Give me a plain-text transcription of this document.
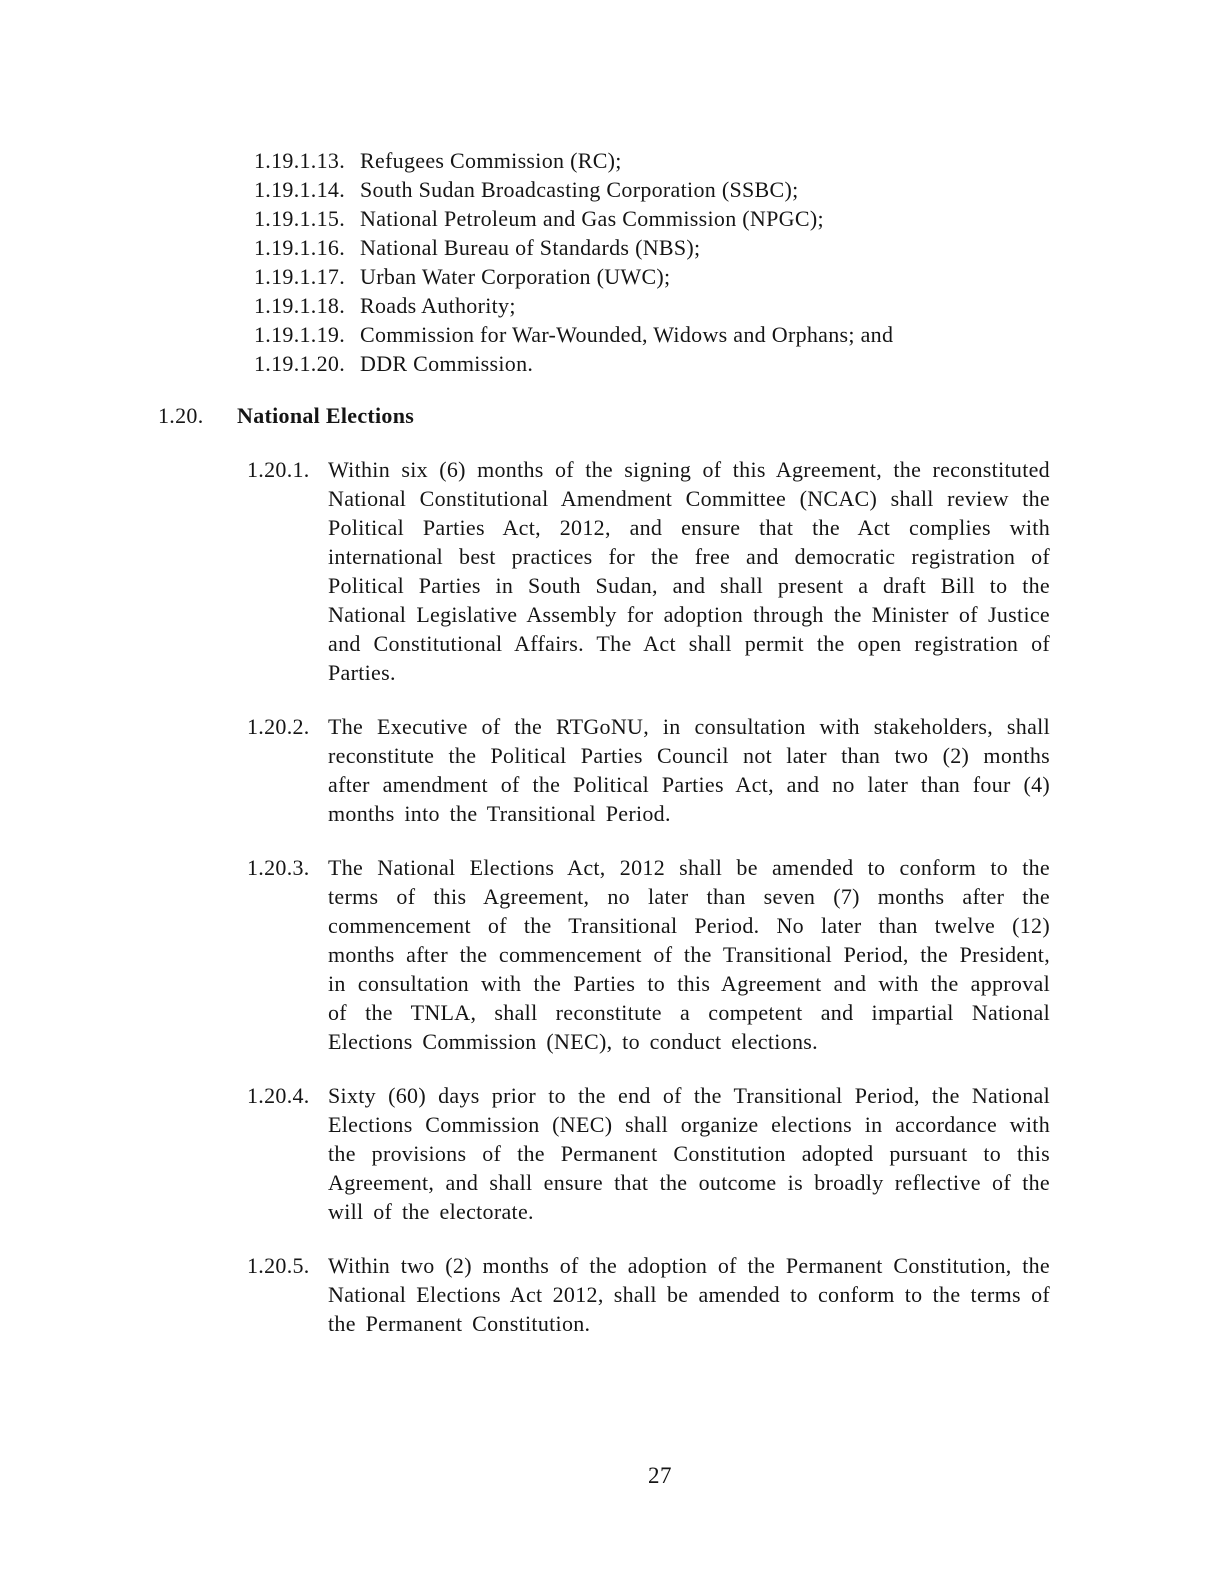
1.19.1.13. Refugees Commission (RC);
1.19.1.14. South Sudan Broadcasting Corporation (SSBC);
1.19.1.15. National Petroleum and Gas Commission (NPGC);
1.19.1.16. National Bureau of Standards (NBS);
1.19.1.17. Urban Water Corporation (UWC);
1.19.1.18. Roads Authority;
1.19.1.19. Commission for War-Wounded, Widows and Orphans; and
1.19.1.20. DDR Commission.
1.20.	National Elections
1.20.1. Within six (6) months of the signing of this Agreement, the reconstituted National Constitutional Amendment Committee (NCAC) shall review the Political Parties Act, 2012, and ensure that the Act complies with international best practices for the free and democratic registration of Political Parties in South Sudan, and shall present a draft Bill to the National Legislative Assembly for adoption through the Minister of Justice and Constitutional Affairs. The Act shall permit the open registration of Parties.
1.20.2. The Executive of the RTGoNU, in consultation with stakeholders, shall reconstitute the Political Parties Council not later than two (2) months after amendment of the Political Parties Act, and no later than four (4) months into the Transitional Period.
1.20.3. The National Elections Act, 2012 shall be amended to conform to the terms of this Agreement, no later than seven (7) months after the commencement of the Transitional Period. No later than twelve (12) months after the commencement of the Transitional Period, the President, in consultation with the Parties to this Agreement and with the approval of the TNLA, shall reconstitute a competent and impartial National Elections Commission (NEC), to conduct elections.
1.20.4. Sixty (60) days prior to the end of the Transitional Period, the National Elections Commission (NEC) shall organize elections in accordance with the provisions of the Permanent Constitution adopted pursuant to this Agreement, and shall ensure that the outcome is broadly reflective of the will of the electorate.
1.20.5. Within two (2) months of the adoption of the Permanent Constitution, the National Elections Act 2012, shall be amended to conform to the terms of the Permanent Constitution.
27
